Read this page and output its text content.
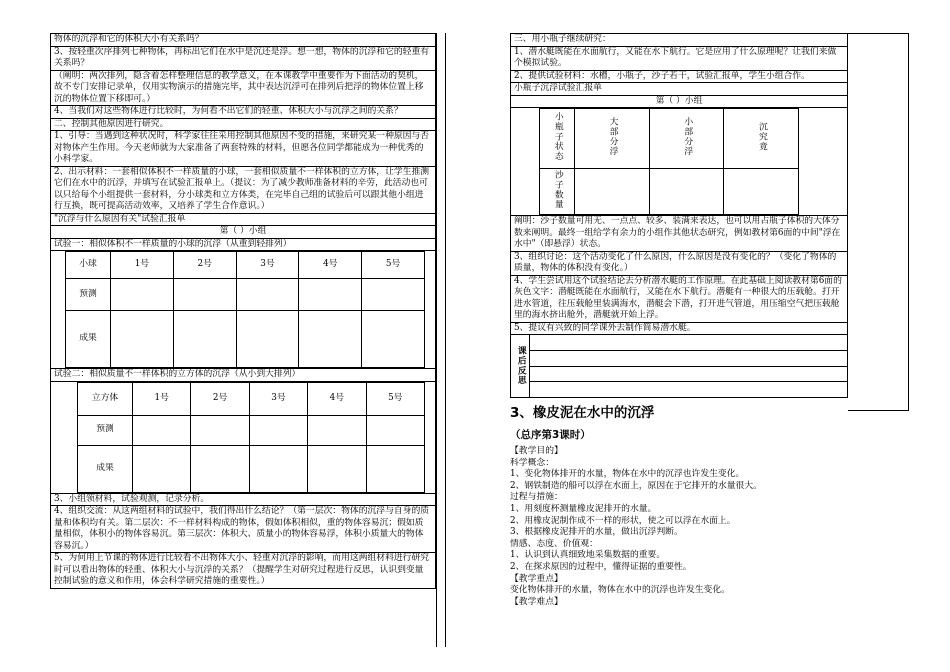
物体的沉浮和它的体积大小有关系吗？
3、按轻重次序排列七种物体，再标出它们在水中是沉还是浮。想一想，物体的沉浮和它的轻重有关系吗？
（阐明：两次排列，隐含着怎样整理信息的教学意义，在本课教学中重要作为下面活动的契机，故不专门安排记录单，仅用实物演示的措施完毕，其中表达沉浮可在排列后把浮的物体位置上移沉的物体位置下移即可。）
4、当我们对这些物体进行比较时，为何看不出它们的轻重、体积大小与沉浮之间的关系？
二、控制其他原因进行研究。
1、引导：当遇到这种状况时，科学家往往采用控制其他原因不变的措施，来研究某一种原因与否对物体产生作用。今天老师就为大家准备了两套特殊的材料，但愿各位同学都能成为一种优秀的小科学家。
2、出示材料：一套相似体积不一样质量的小球，一套相似质量不一样体积的立方体，让学生推测它们在水中的沉浮，并填写在试验汇报单上。（提议：为了减少教师准备材料的辛劳，此活动也可以只给每个小组提供一套材料，分小球类和立方体类，在完毕自己组的试验后可以跟其他小组进行互换，既可提高活动效率，又培养了学生合作意识。）
"沉浮与什么原因有关"试验汇报单
第（ ）小组
试验一：相似体积不一样质量的小球的沉浮（从重到轻排列）
小球	1号	2号	3号	4号	5号
预测					
成果					
试验二：相似质量不一样体积的立方体的沉浮（从小到大排列）
立方体	1号	2号	3号	4号	5号
预测					
成果					
3、小组领材料，试验观测，记录分析。
4、组织交流：从这两组材料的试验中，我们得出什么结论？（第一层次：物体的沉浮与自身的质量和体积均有关。第二层次：不一样材料构成的物体，假如体积相似，重的物体容易沉；假如质量相似，体积小的物体容易沉。第三层次：体积大、质量小的物体容易浮，体积小质量大的物体容易沉。）
5、为何用上节课的物体进行比较看不出物体大小、轻重对沉浮的影响，而用这两组材料进行研究时可以看出物体的轻重、体积大小与沉浮的关系？（提醒学生对研究过程进行反思，认识到变量控制试验的意义和作用，体会科学研究措施的重要性。）
三、用小瓶子继续研究：
1、潜水艇既能在水面航行，又能在水下航行。它是应用了什么原理呢？让我们来做个模拟试验。
2、提供试验材料：水槽，小瓶子，沙子若干，试验汇报单，学生小组合作。
小瓶子沉浮试验汇报单
第（ ）小组
小瓶子状态	大部分浮	小部分浮	沉究竟
沙子数量			
阐明：沙子数量可用无、一点点、较多、装满来表达，也可以用占瓶子体积的大体分数来阐明。最终一组给学有余力的小组作其他状态研究，例如教材第6面的中间"浮在水中"（即悬浮）状态。
3、组织讨论：这个活动变化了什么原因，什么原因是没有变化的？（变化了物体的质量，物体的体积没有变化。）
4、学生尝试用这个试验结论去分析潜水艇的工作原理。在此基础上阅读教材第6面的灰色文字：潜艇既能在水面航行，又能在水下航行。潜艇有一种很大的压载舱。打开进水管道，往压载舱里装满海水，潜艇会下潜，打开进气管道，用压缩空气把压载舱里的海水挤出舱外，潜艇就开始上浮。
5、提议有兴致的同学课外去制作简易潜水艇。
课后反思
3、橡皮泥在水中的沉浮
（总序第3课时）
【教学目的】
科学概念：
1、变化物体排开的水量，物体在水中的沉浮也许发生变化。
2、钢铁制造的船可以浮在水面上，原因在于它排开的水量很大。
过程与措施：
1、用刻度杯测量橡皮泥排开的水量。
2、用橡皮泥制作成不一样的形状，使之可以浮在水面上。
3、根据橡皮泥排开的水量，做出沉浮判断。
情感、态度、价值观：
1、认识到认真细致地采集数据的重要。
2、在探求原因的过程中，懂得证据的重要性。
【教学重点】
变化物体排开的水量，物体在水中的沉浮也许发生变化。
【教学难点】
